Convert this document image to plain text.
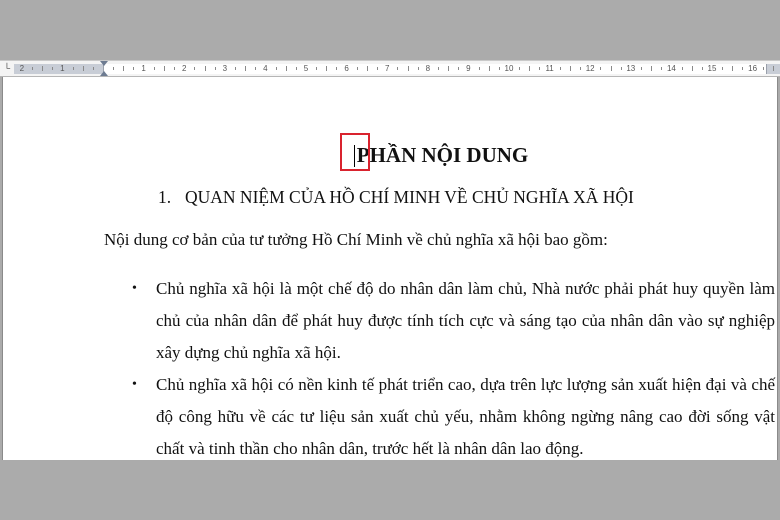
└ 2	1	1	2	3	4	5	6	7	8	9	10	11	12	13	14	15	16
PHẦN NỘI DUNG
1. QUAN NIỆM CỦA HỒ CHÍ MINH VỀ CHỦ NGHĨA XÃ HỘI
Nội dung cơ bản của tư tưởng Hồ Chí Minh về chủ nghĩa xã hội bao gồm:
• Chủ nghĩa xã hội là một chế độ do nhân dân làm chủ, Nhà nước phải phát huy quyền làm chủ của nhân dân để phát huy được tính tích cực và sáng tạo của nhân dân vào sự nghiệp xây dựng chủ nghĩa xã hội.
• Chủ nghĩa xã hội có nền kinh tế phát triển cao, dựa trên lực lượng sản xuất hiện đại và chế độ công hữu về các tư liệu sản xuất chủ yếu, nhằm không ngừng nâng cao đời sống vật chất và tinh thần cho nhân dân, trước hết là nhân dân lao động.
